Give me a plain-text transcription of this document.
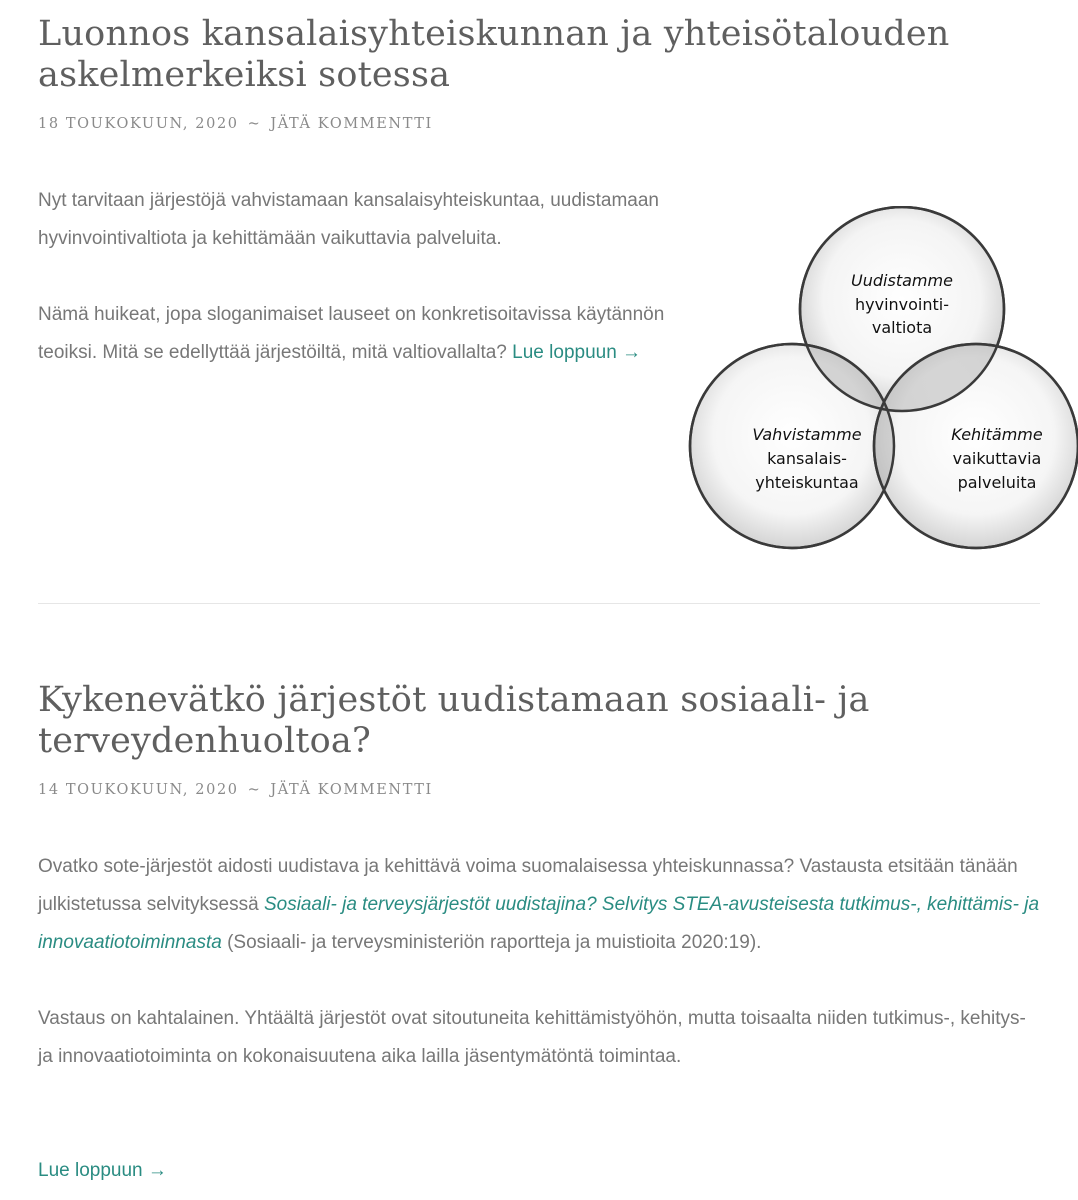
Luonnos kansalaisyhteiskunnan ja yhteisötalouden askelmerkeiksi sotessa
18 TOUKOKUUN, 2020 ~ JÄTÄ KOMMENTTI

Nyt tarvitaan järjestöjä vahvistamaan kansalaisyhteiskuntaa, uudistamaan hyvinvointivaltiota ja kehittämään vaikuttavia palveluita.

Nämä huikeat, jopa sloganimaiset lauseet on konkretisoitavissa käytännön teoiksi. Mitä se edellyttää järjestöiltä, mitä valtiovallalta? Lue loppuun →

Uudistamme
hyvinvointi-
valtiota
Vahvistamme
kansalais-
yhteiskuntaa
Kehitämme
vaikuttavia
palveluita
Kykenevätkö järjestöt uudistamaan sosiaali- ja terveydenhuoltoa?
14 TOUKOKUUN, 2020 ~ JÄTÄ KOMMENTTI

Ovatko sote-järjestöt aidosti uudistava ja kehittävä voima suomalaisessa yhteiskunnassa? Vastausta etsitään tänään julkistetussa selvityksessä Sosiaali- ja terveysjärjestöt uudistajina? Selvitys STEA-avusteisesta tutkimus-, kehittämis- ja innovaatiotoiminnasta (Sosiaali- ja terveysministeriön raportteja ja muistioita 2020:19).

Vastaus on kahtalainen. Yhtäältä järjestöt ovat sitoutuneita kehittämistyöhön, mutta toisaalta niiden tutkimus-, kehitys- ja innovaatiotoiminta on kokonaisuutena aika lailla jäsentymätöntä toimintaa.

Lue loppuun →
